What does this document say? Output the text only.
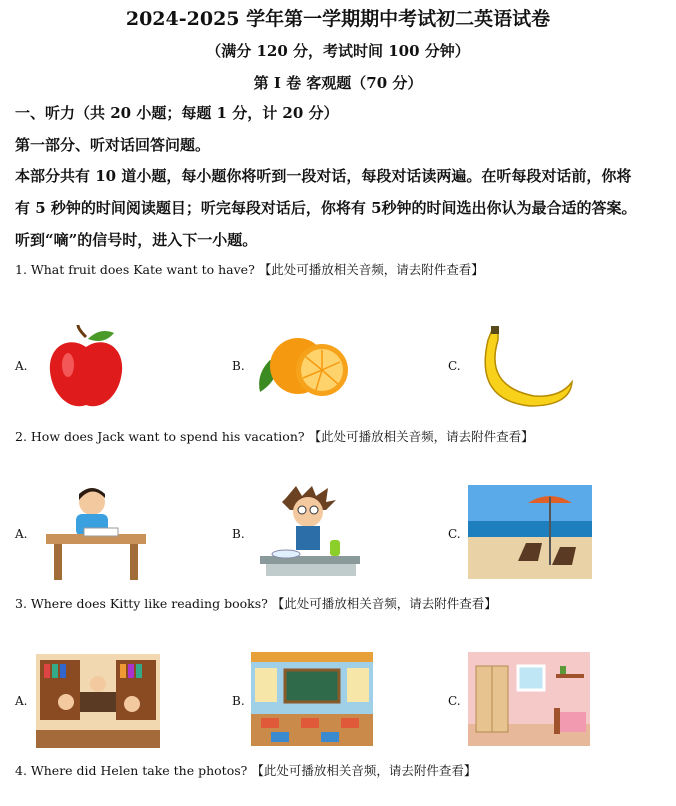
2024-2025 学年第一学期期中考试初二英语试卷
（满分 120 分，考试时间 100 分钟）
第 I 卷 客观题（70 分）
一、听力（共 20 小题；每题 1 分，计 20 分）
第一部分、听对话回答问题。
本部分共有 10 道小题，每小题你将听到一段对话，每段对话读两遍。在听每段对话前，你将
有 5 秒钟的时间阅读题目；听完每段对话后，你将有 5秒钟的时间选出你认为最合适的答案。
听到“嘀”的信号时，进入下一小题。
1. What fruit does Kate want to have? 【此处可播放相关音频，请去附件查看】
A.	B.	C.
2. How does Jack want to spend his vacation? 【此处可播放相关音频，请去附件查看】
A.	B.	C.
3. Where does Kitty like reading books? 【此处可播放相关音频，请去附件查看】
A.	B.	C.
4. Where did Helen take the photos? 【此处可播放相关音频，请去附件查看】
